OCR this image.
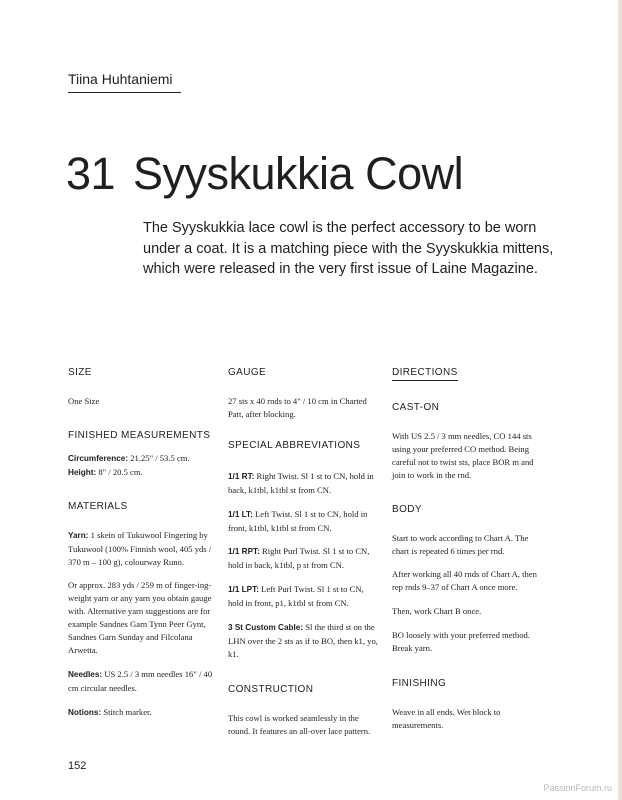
Tiina Huhtaniemi
31 Syyskukkia Cowl
The Syyskukkia lace cowl is the perfect accessory to be worn under a coat. It is a matching piece with the Syyskukkia mittens, which were released in the very first issue of Laine Magazine.
SIZE
One Size
FINISHED MEASUREMENTS
Circumference: 21.25" / 53.5 cm.
Height: 8" / 20.5 cm.
MATERIALS
Yarn: 1 skein of Tukuwool Fingering by Tukuwool (100% Finnish wool, 405 yds / 370 m – 100 g), colourway Runo.
Or approx. 283 yds / 259 m of finger-ing-weight yarn or any yarn you obtain gauge with. Alternative yarn suggestions are for example Sandnes Garn Tynn Peer Gynt, Sandnes Garn Sunday and Filcolana Arwetta.
Needles: US 2.5 / 3 mm needles 16" / 40 cm circular needles.
Notions: Stitch marker.
GAUGE
27 sts x 40 rnds to 4" / 10 cm in Charted Patt, after blocking.
SPECIAL ABBREVIATIONS
1/1 RT: Right Twist. Sl 1 st to CN, hold in back, k1tbl, k1tbl st from CN.
1/1 LT: Left Twist. Sl 1 st to CN, hold in front, k1tbl, k1tbl st from CN.
1/1 RPT: Right Purl Twist. Sl 1 st to CN, hold in back, k1tbl, p st from CN.
1/1 LPT: Left Purl Twist. Sl 1 st to CN, hold in front, p1, k1tbl st from CN.
3 St Custom Cable: Sl the third st on the LHN over the 2 sts as if to BO, then k1, yo, k1.
CONSTRUCTION
This cowl is worked seamlessly in the round. It features an all-over lace pattern.
DIRECTIONS
CAST-ON
With US 2.5 / 3 mm needles, CO 144 sts using your preferred CO method. Being careful not to twist sts, place BOR m and join to work in the rnd.
BODY
Start to work according to Chart A. The chart is repeated 6 times per rnd.
After working all 40 rnds of Chart A, then rep rnds 9–37 of Chart A once more.
Then, work Chart B once.
BO loosely with your preferred method. Break yarn.
FINISHING
Weave in all ends. Wet block to measurements.
152
PassionForum.ru
